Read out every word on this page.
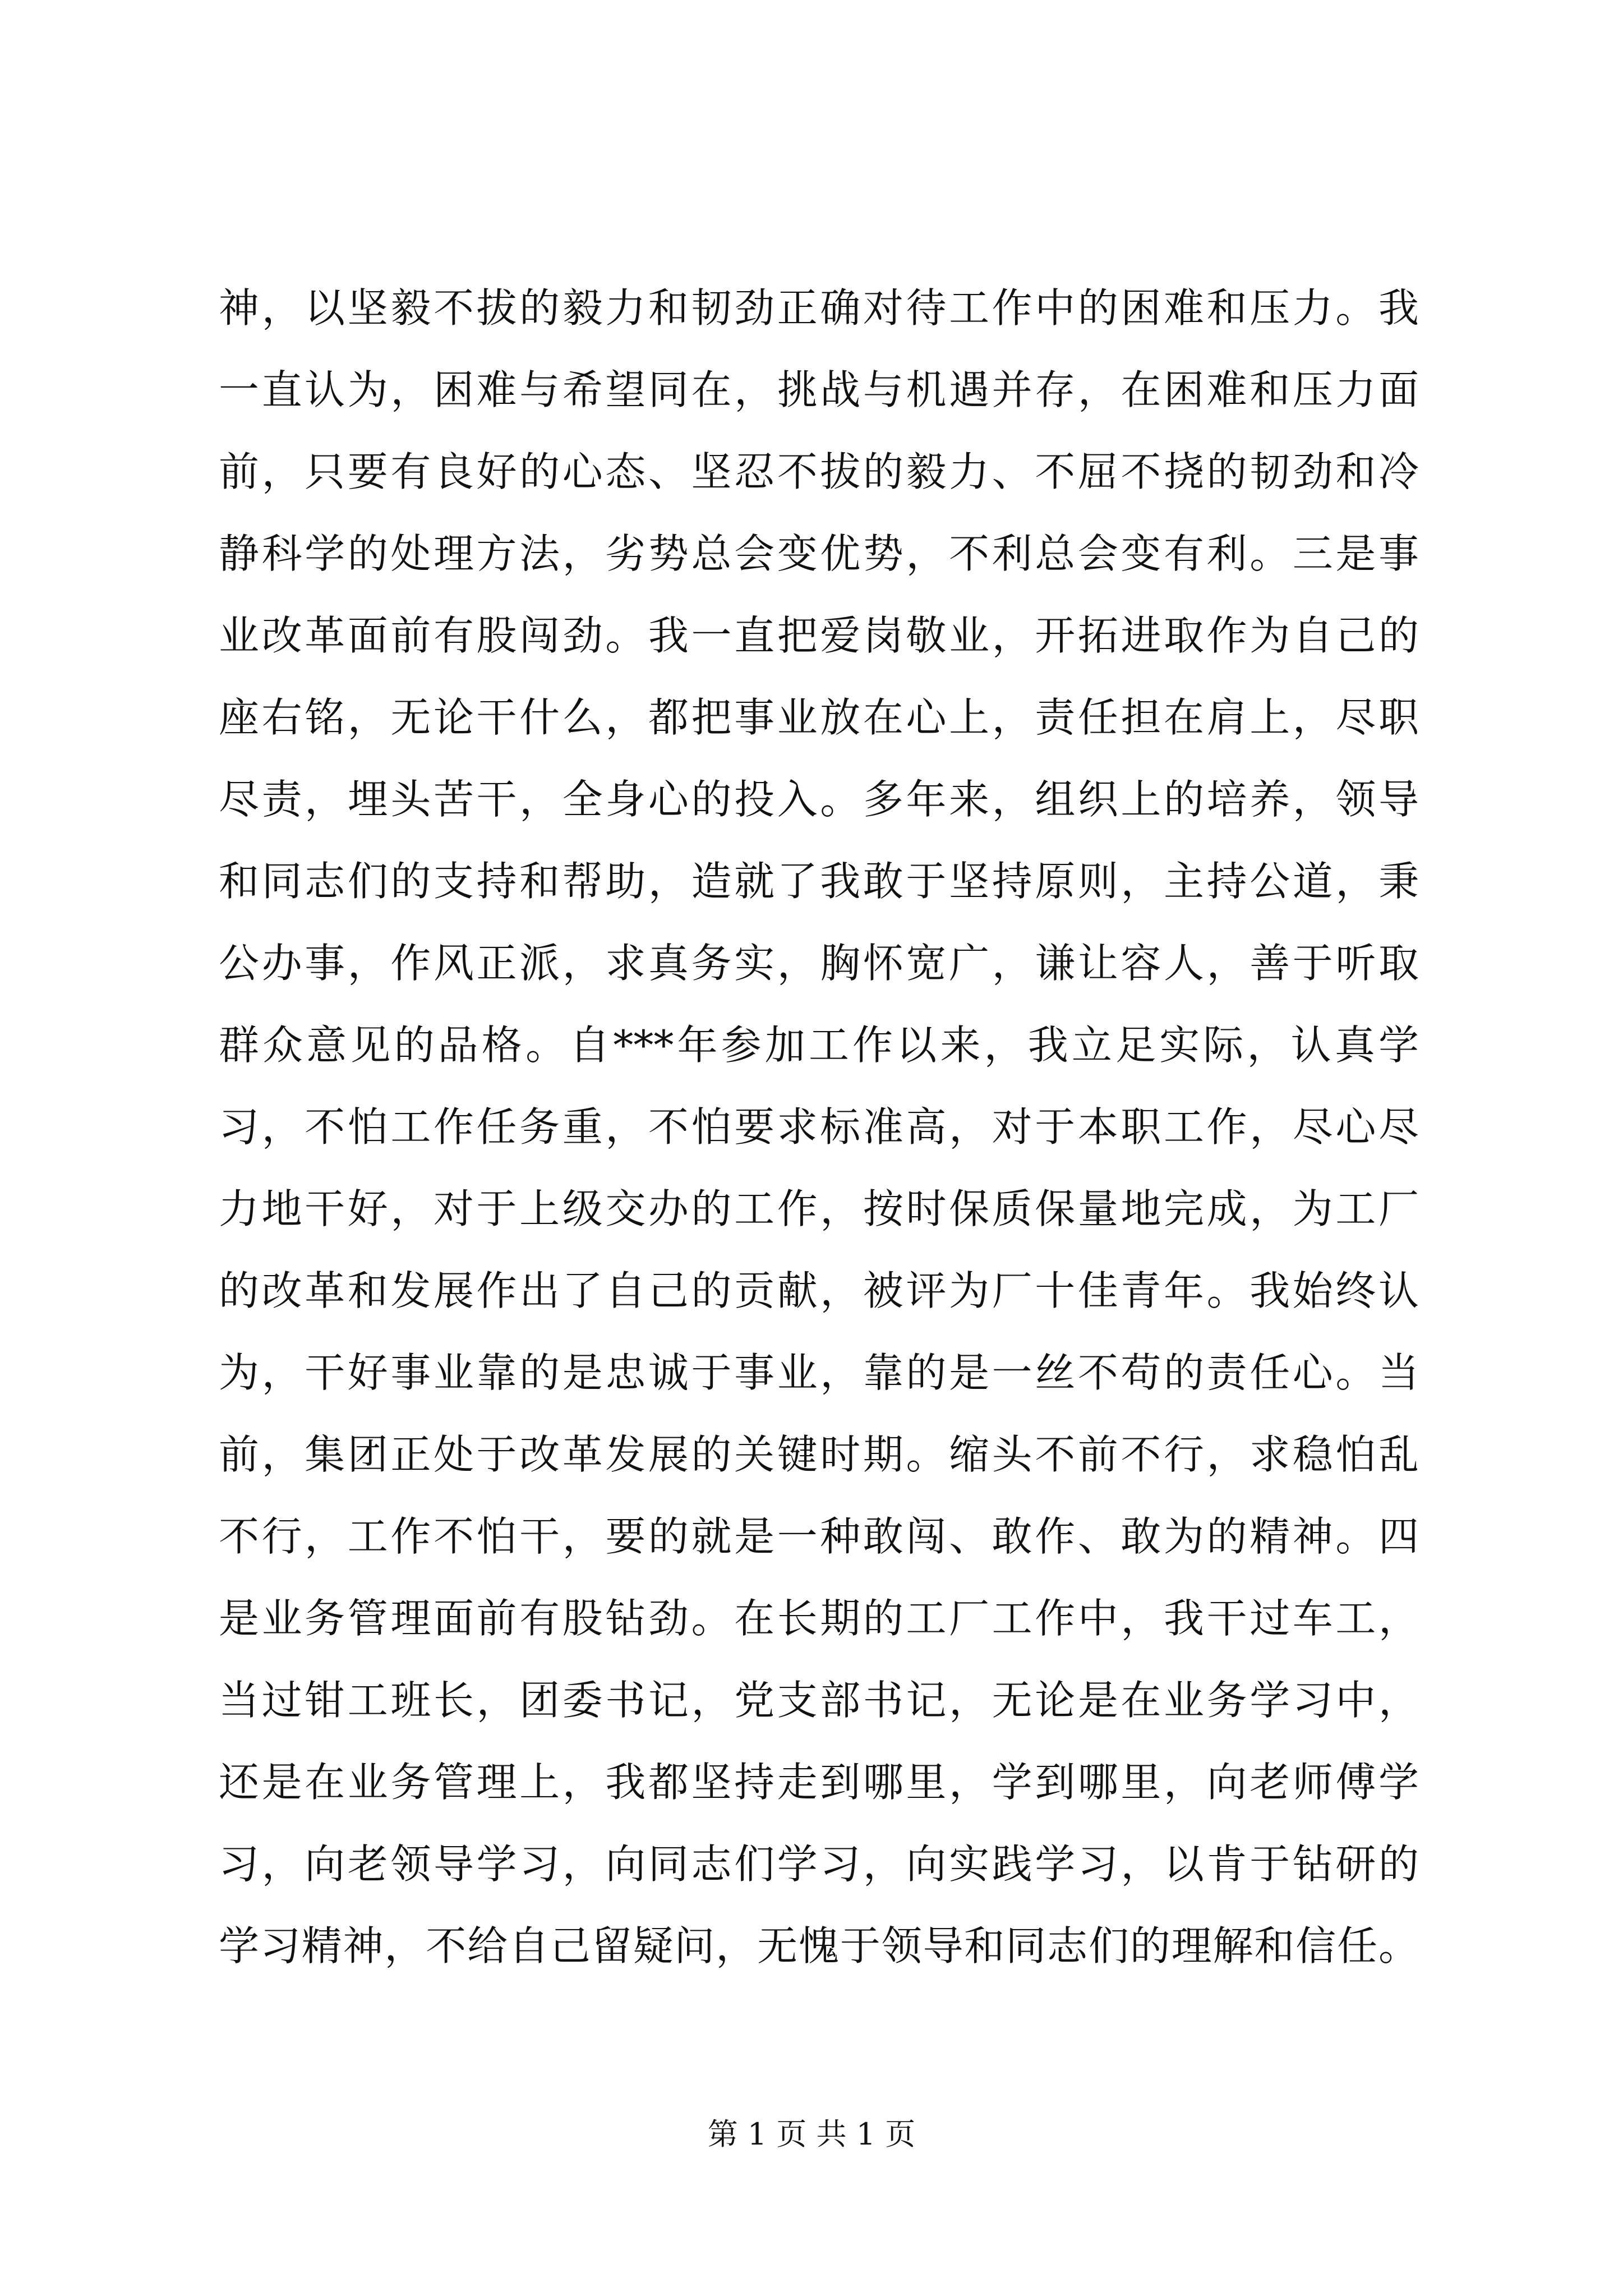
神，以坚毅不拔的毅力和韧劲正确对待工作中的困难和压力。我
一直认为，困难与希望同在，挑战与机遇并存，在困难和压力面
前，只要有良好的心态、坚忍不拔的毅力、不屈不挠的韧劲和冷
静科学的处理方法，劣势总会变优势，不利总会变有利。三是事
业改革面前有股闯劲。我一直把爱岗敬业，开拓进取作为自己的
座右铭，无论干什么，都把事业放在心上，责任担在肩上，尽职
尽责，埋头苦干，全身心的投入。多年来，组织上的培养，领导
和同志们的支持和帮助，造就了我敢于坚持原则，主持公道，秉
公办事，作风正派，求真务实，胸怀宽广，谦让容人，善于听取
群众意见的品格。自***年参加工作以来，我立足实际，认真学
习，不怕工作任务重，不怕要求标准高，对于本职工作，尽心尽
力地干好，对于上级交办的工作，按时保质保量地完成，为工厂
的改革和发展作出了自己的贡献，被评为厂十佳青年。我始终认
为，干好事业靠的是忠诚于事业，靠的是一丝不苟的责任心。当
前，集团正处于改革发展的关键时期。缩头不前不行，求稳怕乱
不行，工作不怕干，要的就是一种敢闯、敢作、敢为的精神。四
是业务管理面前有股钻劲。在长期的工厂工作中，我干过车工，
当过钳工班长，团委书记，党支部书记，无论是在业务学习中，
还是在业务管理上，我都坚持走到哪里，学到哪里，向老师傅学
习，向老领导学习，向同志们学习，向实践学习，以肯于钻研的
学习精神，不给自己留疑问，无愧于领导和同志们的理解和信任。
第 1 页 共 1 页
